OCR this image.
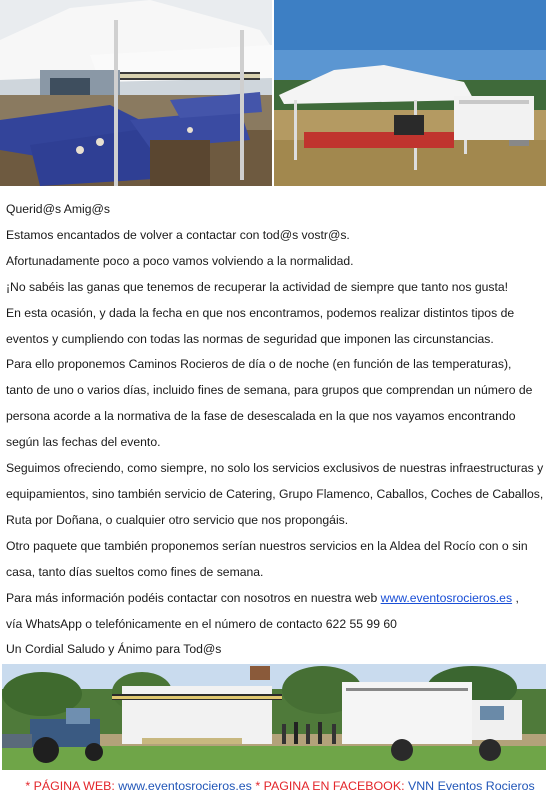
Querid@s Amig@s

Estamos encantados de volver a contactar con tod@s vostr@s.

Afortunadamente poco a poco vamos volviendo a la normalidad.

¡No sabéis las ganas que tenemos de recuperar la actividad de siempre que tanto nos gusta!

En esta ocasión, y dada la fecha en que nos encontramos, podemos realizar distintos tipos de

eventos y cumpliendo con todas las normas de seguridad que imponen las circunstancias.

Para ello proponemos Caminos Rocieros de día o de noche (en función de las temperaturas),

tanto de uno o varios días, incluido fines de semana, para grupos que comprendan un número de

persona acorde a la normativa de la fase de desescalada en la que nos vayamos encontrando

según las fechas del evento.

Seguimos ofreciendo, como siempre, no solo los servicios exclusivos de nuestras infraestructuras y

equipamientos, sino también servicio de Catering, Grupo Flamenco, Caballos, Coches de Caballos,

Ruta por Doñana, o cualquier otro servicio que nos propongáis.

Otro paquete que también proponemos serían nuestros servicios en la Aldea del Rocío con o sin

casa, tanto días sueltos como fines de semana.

Para más información podéis contactar con nosotros en nuestra web www.eventosrocieros.es ,

vía WhatsApp o telefónicamente en el número de contacto 622 55 99 60

Un Cordial Saludo y Ánimo para Tod@s

* PÁGINA WEB: www.eventosrocieros.es * PAGINA EN FACEBOOK: VNN Eventos Rocieros
